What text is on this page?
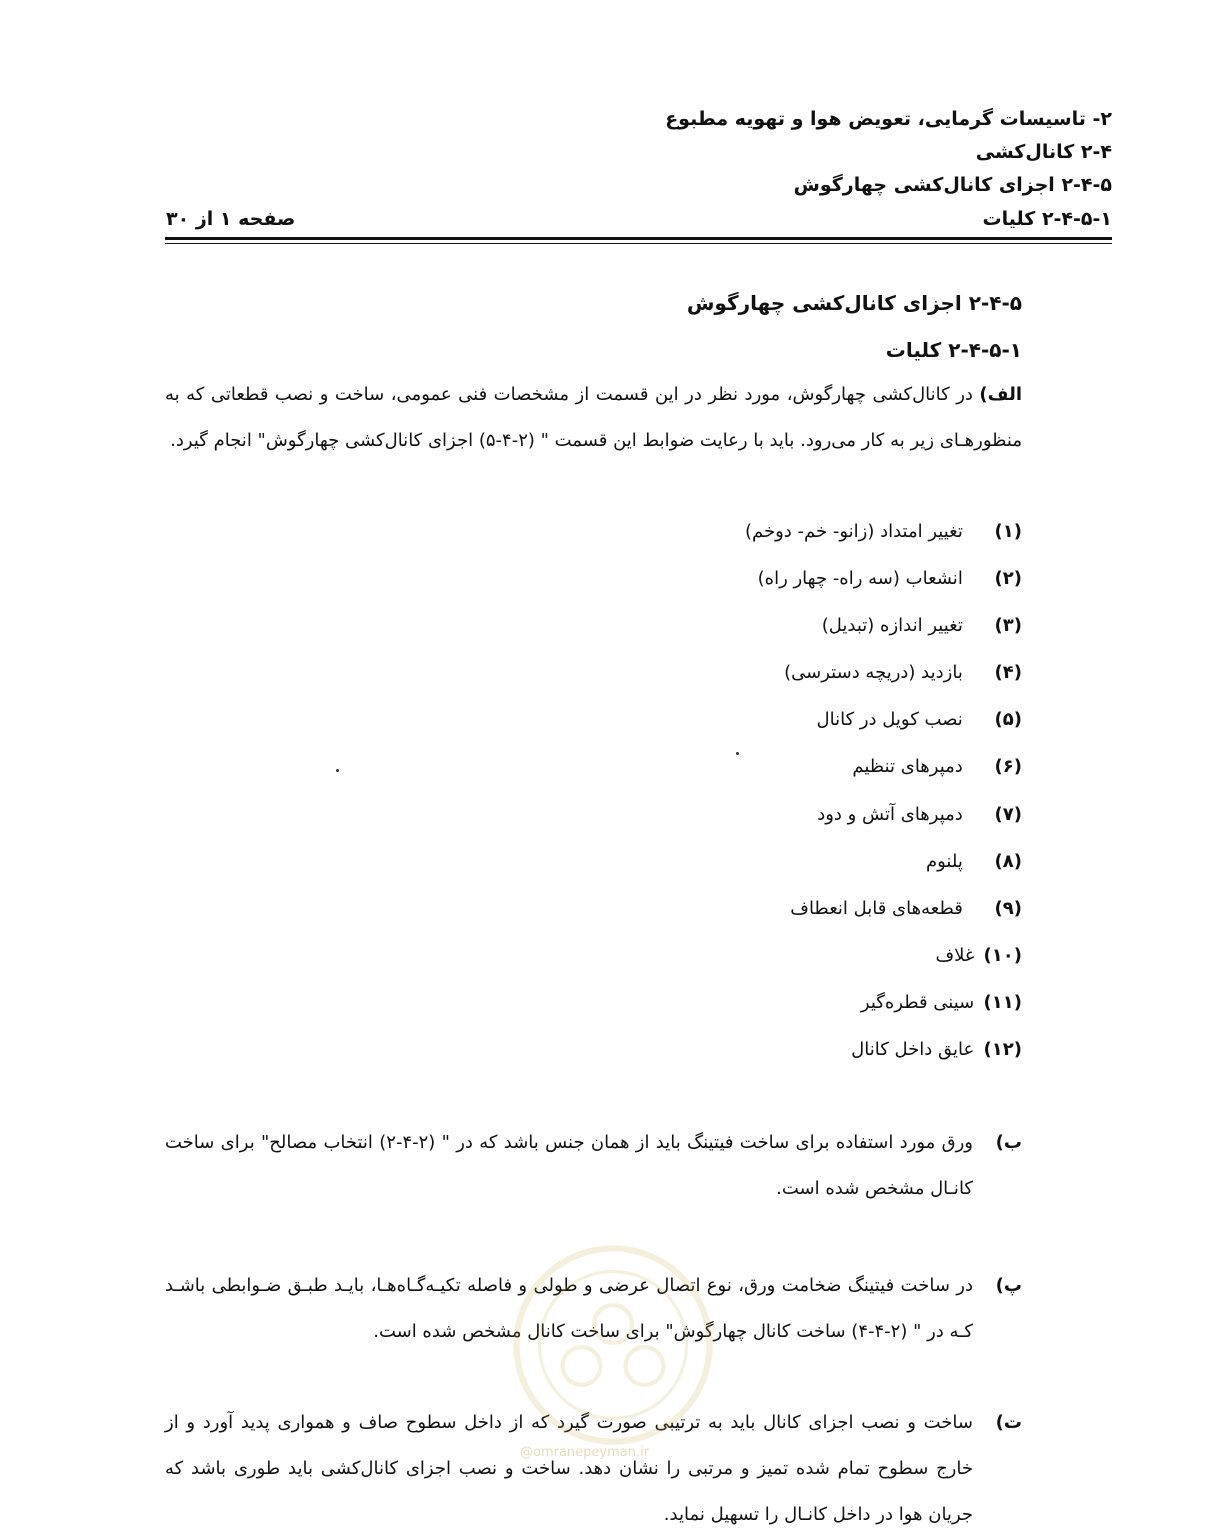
۲- تاسیسات گرمایی، تعویض هوا و تهویه مطبوع
۲-۴ کانال‌کشی
۲-۴-۵ اجزای کانال‌کشی چهارگوش
۲-۴-۵-۱ کلیات
صفحه ۱ از ۳۰
۲-۴-۵ اجزای کانال‌کشی چهارگوش
۲-۴-۵-۱ کلیات
الف) در کانال‌کشی چهارگوش، مورد نظر در این قسمت از مشخصات فنی عمومی، ساخت و نصب قطعاتی که به منظورهـای زیر به کار می‌رود. باید با رعایت ضوابط این قسمت " (۲-۴-۵) اجزای کانال‌کشی چهارگوش" انجام گیرد.
(۱)   تغییر امتداد (زانو- خم- دوخم)
(۲)   انشعاب (سه راه- چهار راه)
(۳)   تغییر اندازه (تبدیل)
(۴)   بازدید (دریچه دسترسی)
(۵)   نصب کویل در کانال
(۶)   دمپرهای تنظیم
(۷)   دمپرهای آتش و دود
(۸)   پلنوم
(۹)   قطعه‌های قابل انعطاف
(۱۰) غلاف
(۱۱) سینی قطره‌گیر
(۱۲) عایق داخل کانال
ب)
ورق مورد استفاده برای ساخت فیتینگ باید از همان جنس باشد که در " (۲-۴-۲) انتخاب مصالح" برای ساخت کانـال مشخص شده است.
پ)
در ساخت فیتینگ ضخامت ورق، نوع اتصال عرضی و طولی و فاصله تکیـه‌گـاه‌هـا، بایـد طبـق ضـوابطی باشـد کـه در " (۲-۴-۴) ساخت کانال چهارگوش" برای ساخت کانال مشخص شده است.
ت)
ساخت و نصب اجزای کانال باید به ترتیبی صورت گیرد که از داخل سطوح صاف و همواری پدید آورد و از خارج سطوح تمام شده تمیز و مرتبی را نشان دهد. ساخت و نصب اجزای کانال‌کشی باید طوری باشد که جریان هوا در داخل کانـال را تسهیل نماید.
@omranepeyman.ir
